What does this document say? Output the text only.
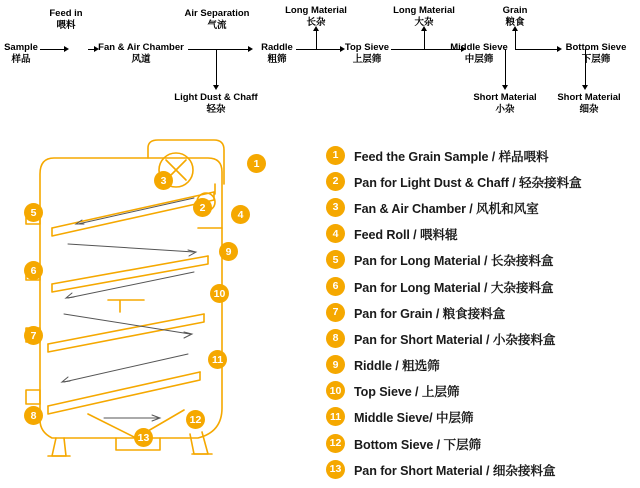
Sample
样品
Feed in
喂料
Fan & Air Chamber
风道
Air Separation
气流
Raddle
粗筛
Top Sieve
上层筛
Middle Sieve
中层筛
Bottom Sieve
下层筛
Long Material
长杂
Long Material
大杂
Grain
粮食
Light Dust & Chaff
轻杂
Short Material
小杂
Short Material
细杂
1
2
3
4
5
6
7
8
9
10
11
12
13
1	Feed the Grain Sample / 样品喂料
2	Pan for Light Dust & Chaff / 轻杂接料盒
3	Fan & Air Chamber / 风机和风室
4	Feed Roll / 喂料辊
5	Pan for Long Material / 长杂接料盒
6	Pan for Long Material / 大杂接料盒
7	Pan for Grain / 粮食接料盒
8	Pan for Short Material / 小杂接料盒
9	Riddle / 粗选筛
10 Top Sieve / 上层筛
11	Middle Sieve/ 中层筛
12 Bottom Sieve / 下层筛
13 Pan for Short Material / 细杂接料盒
